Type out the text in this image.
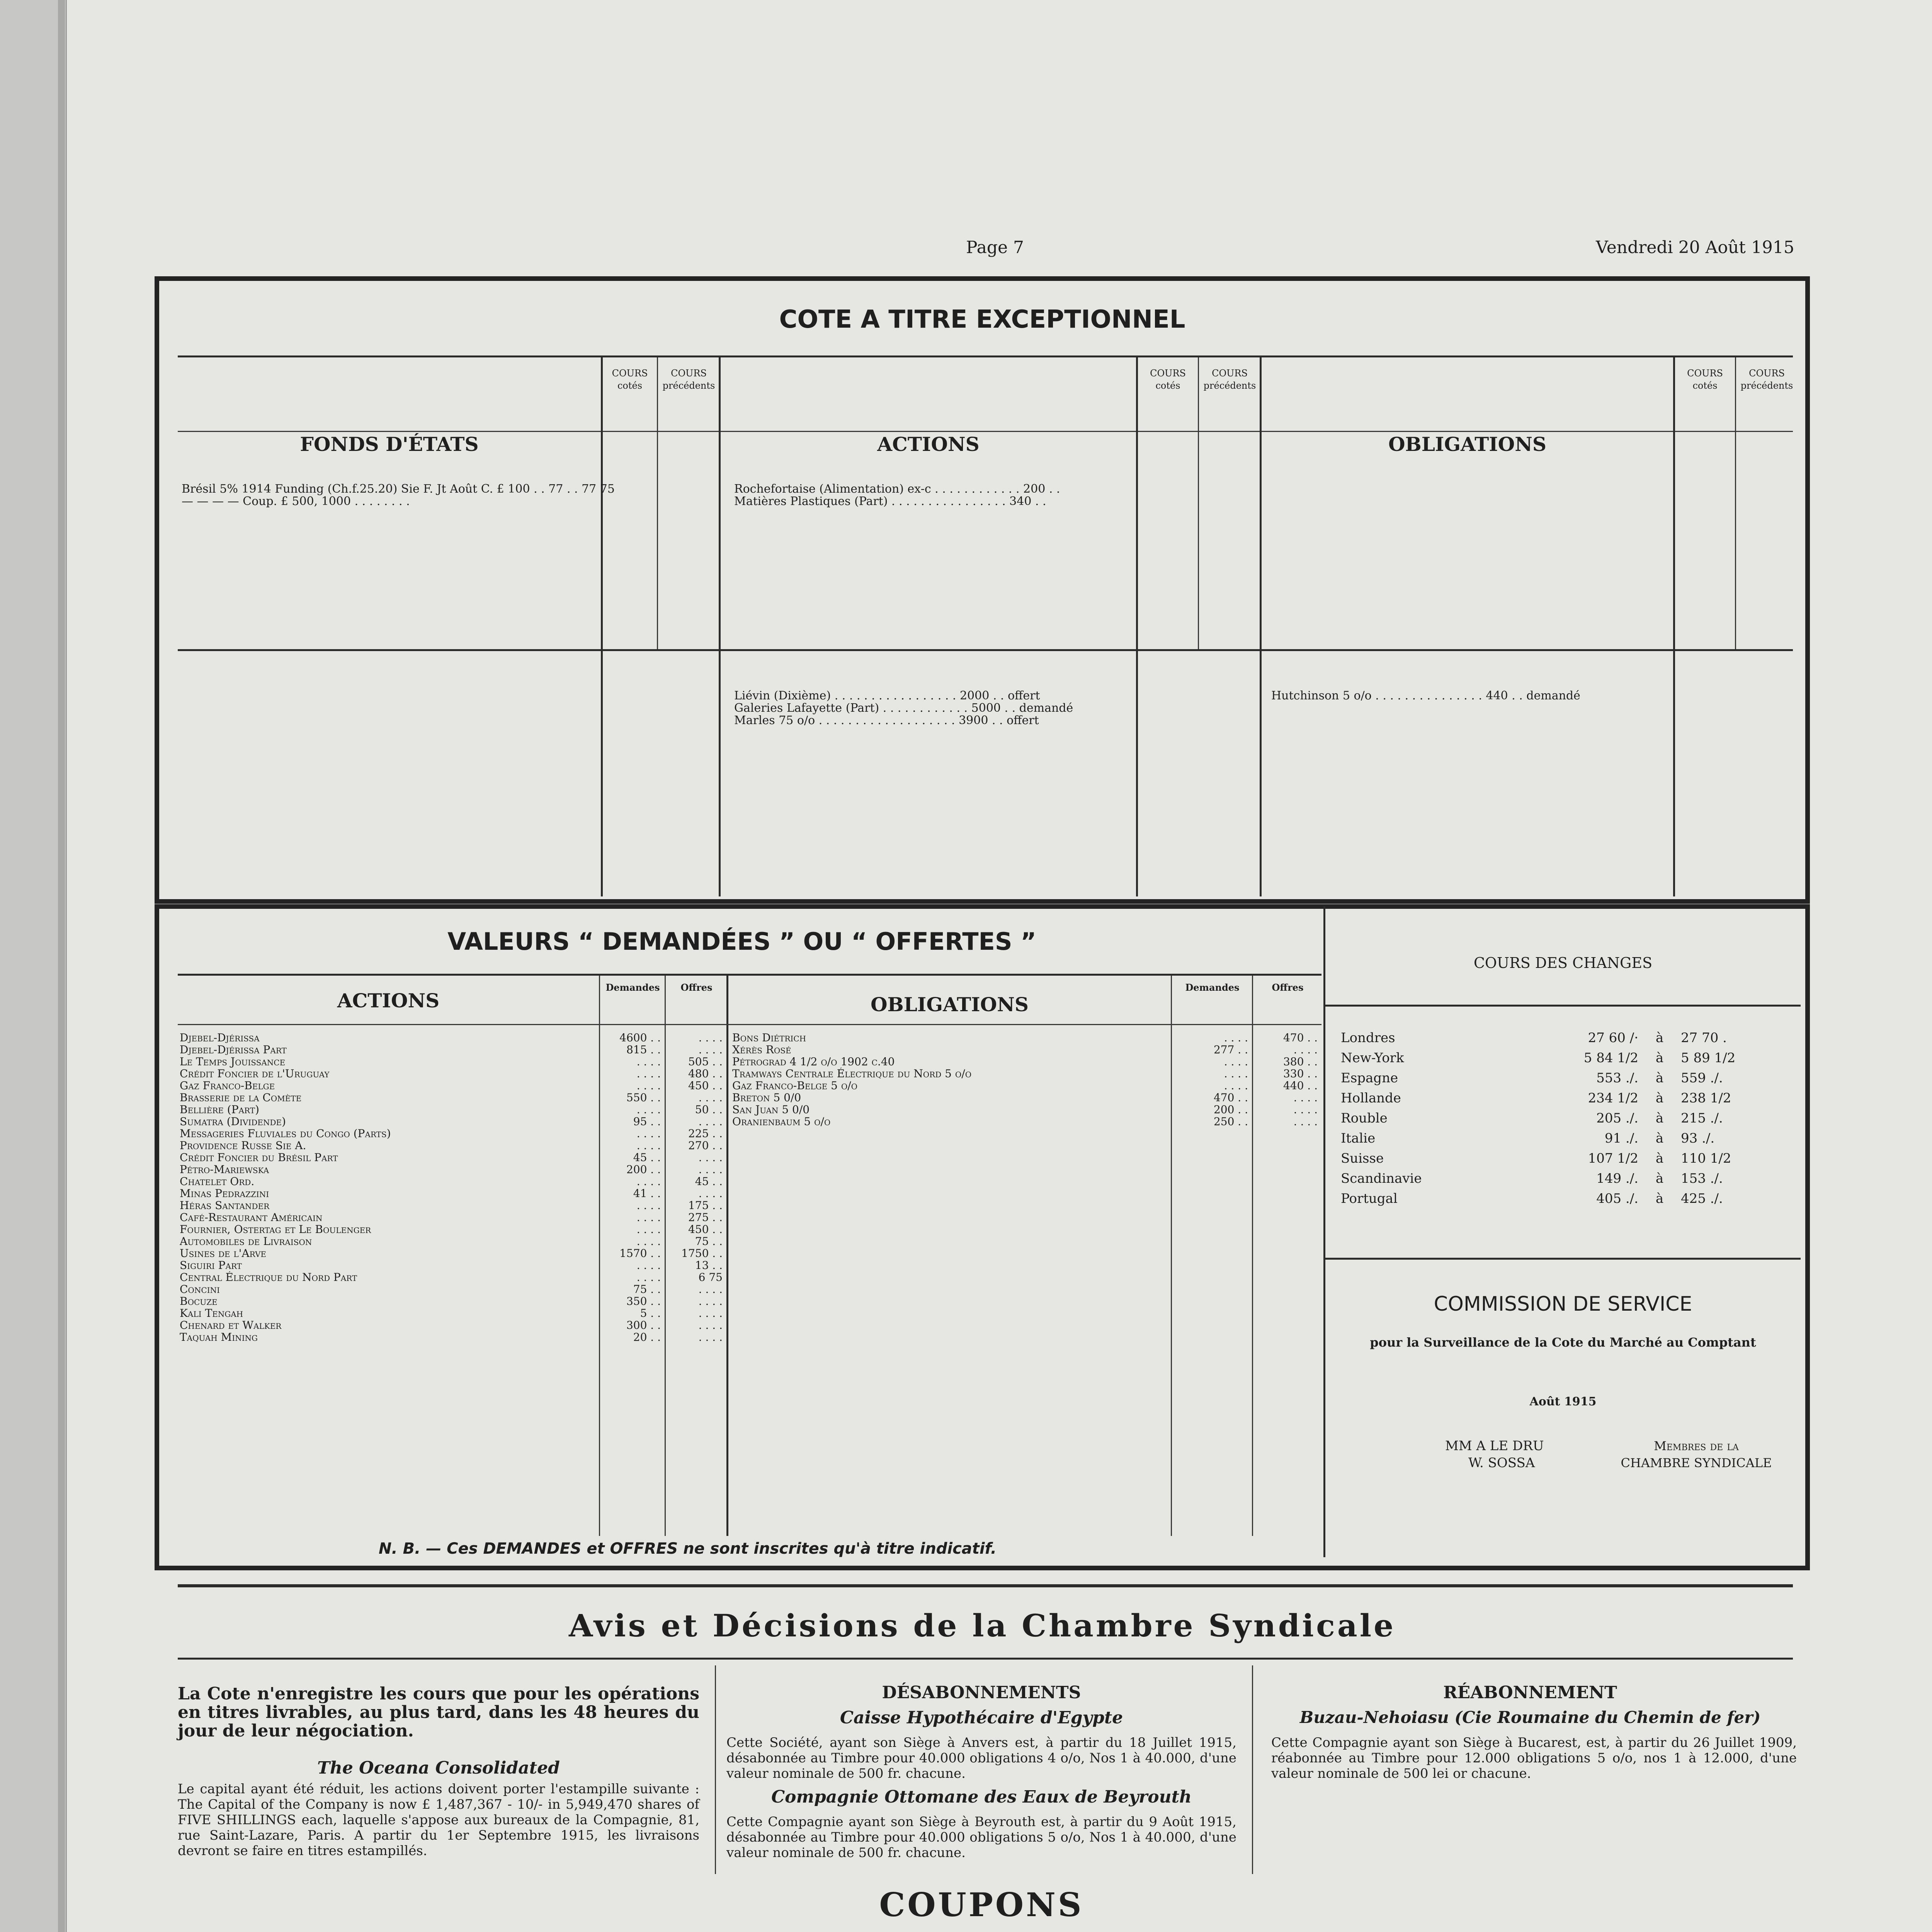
Page 7	Vendredi 20 Août 1915
COTE A TITRE EXCEPTIONNEL
COURS cotés
COURS précédents
COURS cotés
COURS précédents
COURS cotés
COURS précédents
FONDS D'ÉTATS	ACTIONS	OBLIGATIONS
Brésil 5% 1914 Funding (Ch.f.25.20) Sie F. Jt Août C. £ 100 . . 77 . . 77 75
— — — — Coup. £ 500, 1000 . . . . . . . .
Rochefortaise (Alimentation) ex-c . . . . . . . . . . . . 200 . .
Matières Plastiques (Part) . . . . . . . . . . . . . . . . 340 . .
Liévin (Dixième) . . . . . . . . . . . . . . . . . 2000 . . offert
Galeries Lafayette (Part) . . . . . . . . . . . . 5000 . . demandé
Marles 75 o/o . . . . . . . . . . . . . . . . . . . 3900 . . offert
Hutchinson 5 o/o . . . . . . . . . . . . . . . 440 . . demandé
VALEURS “ DEMANDÉES ” OU “ OFFERTES ”
ACTIONS
Demandes	Offres
OBLIGATIONS
Demandes	Offres
Djebel-Djérissa	4600 . .	. . . .
Djebel-Djérissa Part	815 . .	. . . .
Le Temps Jouissance	. . . .	505 . .
Crédit Foncier de l'Uruguay	. . . .	480 . .
Gaz Franco-Belge	. . . .	450 . .
Brasserie de la Comète	550 . .	. . . .
Bellière (Part)	. . . .	50 . .
Sumatra (Dividende)	95 . .	. . . .
Messageries Fluviales du Congo (Parts)	. . . .	225 . .
Providence Russe Sie A.	. . . .	270 . .
Crédit Foncier du Brésil Part	45 . .	. . . .
Pétro-Mariewska	200 . .	. . . .
Chatelet Ord.	. . . .	45 . .
Minas Pedrazzini	41 . .	. . . .
Héras Santander	. . . .	175 . .
Café-Restaurant Américain	. . . .	275 . .
Fournier, Ostertag et Le Boulenger	. . . .	450 . .
Automobiles de Livraison	. . . .	75 . .
Usines de l'Arve	1570 . .	1750 . .
Siguiri Part	. . . .	13 . .
Central Électrique du Nord Part	. . . .	6 75
Concini	75 . .	. . . .
Bocuze	350 . .	. . . .
Kali Tengah	5 . .	. . . .
Chenard et Walker	300 . .	. . . .
Taquah Mining	20 . .	. . . .
Bons Diétrich	. . . .	470 . .
Xérès Rosé	277 . .	. . . .
Pétrograd 4 1/2 o/o 1902 c.40	. . . .	380 . .
Tramways Centrale Électrique du Nord 5 o/o	. . . .	330 . .
Gaz Franco-Belge 5 o/o	. . . .	440 . .
Breton 5 0/0	470 . .	. . . .
San Juan 5 0/0	200 . .	. . . .
Oranienbaum 5 o/o	250 . .	. . . .
N. B. — Ces DEMANDES et OFFRES ne sont inscrites qu'à titre indicatif.
COURS DES CHANGES
Londres	27 60 /·	à	27 70 .
New-York	5 84 1/2	à	5 89 1/2
Espagne	553 ./.	à	559 ./.
Hollande	234 1/2	à	238 1/2
Rouble	205 ./.	à	215 ./.
Italie	91 ./.	à	93 ./.
Suisse	107 1/2	à	110 1/2
Scandinavie	149 ./.	à	153 ./.
Portugal	405 ./.	à	425 ./.
COMMISSION DE SERVICE
pour la Surveillance de la Cote du Marché au Comptant
Août 1915
MM A LE DRU
W. SOSSA
Membres de la
CHAMBRE SYNDICALE
Avis et Décisions de la Chambre Syndicale
La Cote n'enregistre les cours que pour les opérations en titres livrables, au plus tard, dans les 48 heures du jour de leur négociation.
The Oceana Consolidated
Le capital ayant été réduit, les actions doivent porter l'estampille suivante : The Capital of the Company is now £ 1,487,367 - 10/- in 5,949,470 shares of FIVE SHILLINGS each, laquelle s'appose aux bureaux de la Compagnie, 81, rue Saint-Lazare, Paris. A partir du 1er Septembre 1915, les livraisons devront se faire en titres estampillés.
DÉSABONNEMENTS
Caisse Hypothécaire d'Egypte
Cette Société, ayant son Siège à Anvers est, à partir du 18 Juillet 1915, désabonnée au Timbre pour 40.000 obligations 4 o/o, Nos 1 à 40.000, d'une valeur nominale de 500 fr. chacune.
Compagnie Ottomane des Eaux de Beyrouth
Cette Compagnie ayant son Siège à Beyrouth est, à partir du 9 Août 1915, désabonnée au Timbre pour 40.000 obligations 5 o/o, Nos 1 à 40.000, d'une valeur nominale de 500 fr. chacune.
RÉABONNEMENT
Buzau-Nehoiasu (Cie Roumaine du Chemin de fer)
Cette Compagnie ayant son Siège à Bucarest, est, à partir du 26 Juillet 1909, réabonnée au Timbre pour 12.000 obligations 5 o/o, nos 1 à 12.000, d'une valeur nominale de 500 lei or chacune.
COUPONS
